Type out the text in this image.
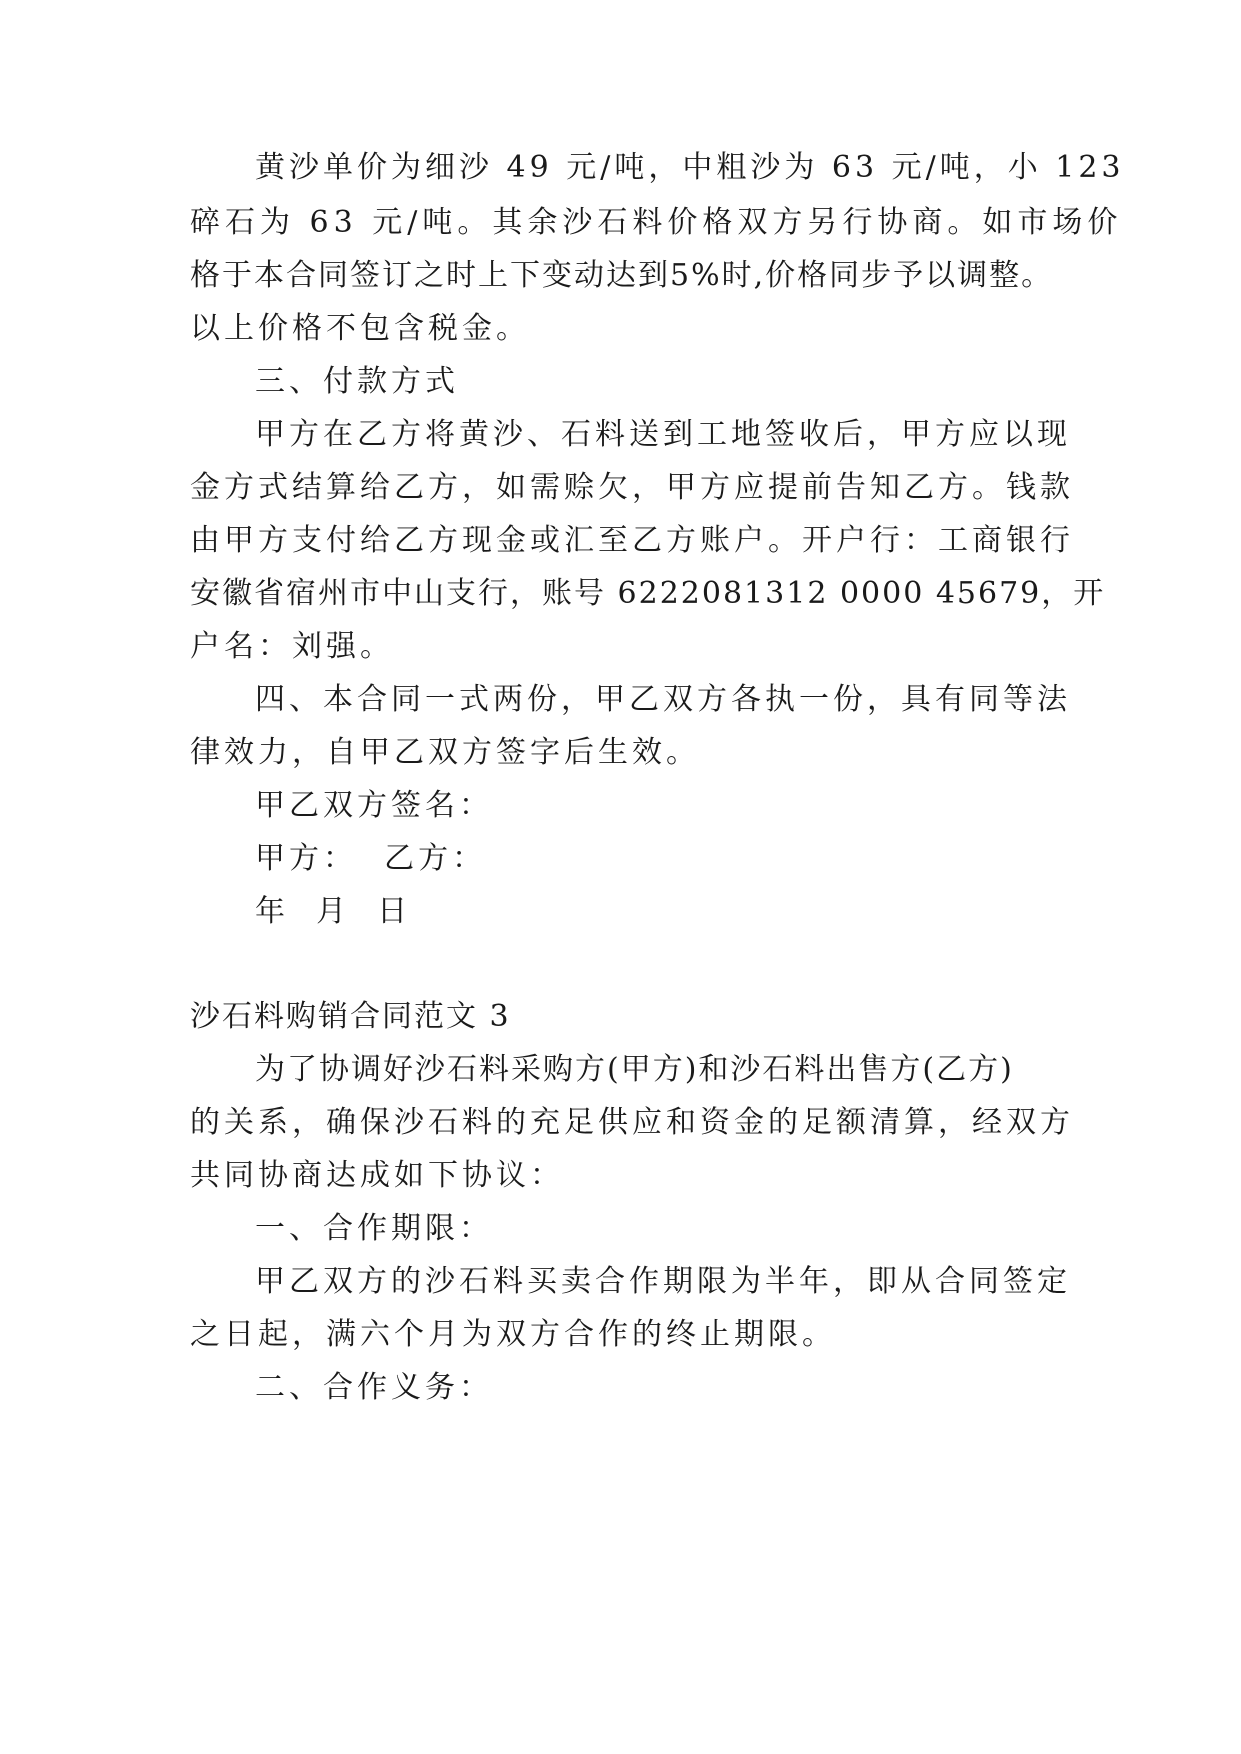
黄沙单价为细沙 49 元/吨，中粗沙为 63 元/吨，小 123
碎石为 63 元/吨。其余沙石料价格双方另行协商。如市场价
格于本合同签订之时上下变动达到5%时,价格同步予以调整。
以上价格不包含税金。
三、付款方式
甲方在乙方将黄沙、石料送到工地签收后，甲方应以现
金方式结算给乙方，如需赊欠，甲方应提前告知乙方。钱款
由甲方支付给乙方现金或汇至乙方账户。开户行：工商银行
安徽省宿州市中山支行，账号 6222081312 0000 45679，开
户名：刘强。
四、本合同一式两份，甲乙双方各执一份，具有同等法
律效力，自甲乙双方签字后生效。
甲乙双方签名：
甲方：  乙方：
年  月  日
沙石料购销合同范文 3
为了协调好沙石料采购方(甲方)和沙石料出售方(乙方)
的关系，确保沙石料的充足供应和资金的足额清算，经双方
共同协商达成如下协议：
一、合作期限：
甲乙双方的沙石料买卖合作期限为半年，即从合同签定
之日起，满六个月为双方合作的终止期限。
二、合作义务：
